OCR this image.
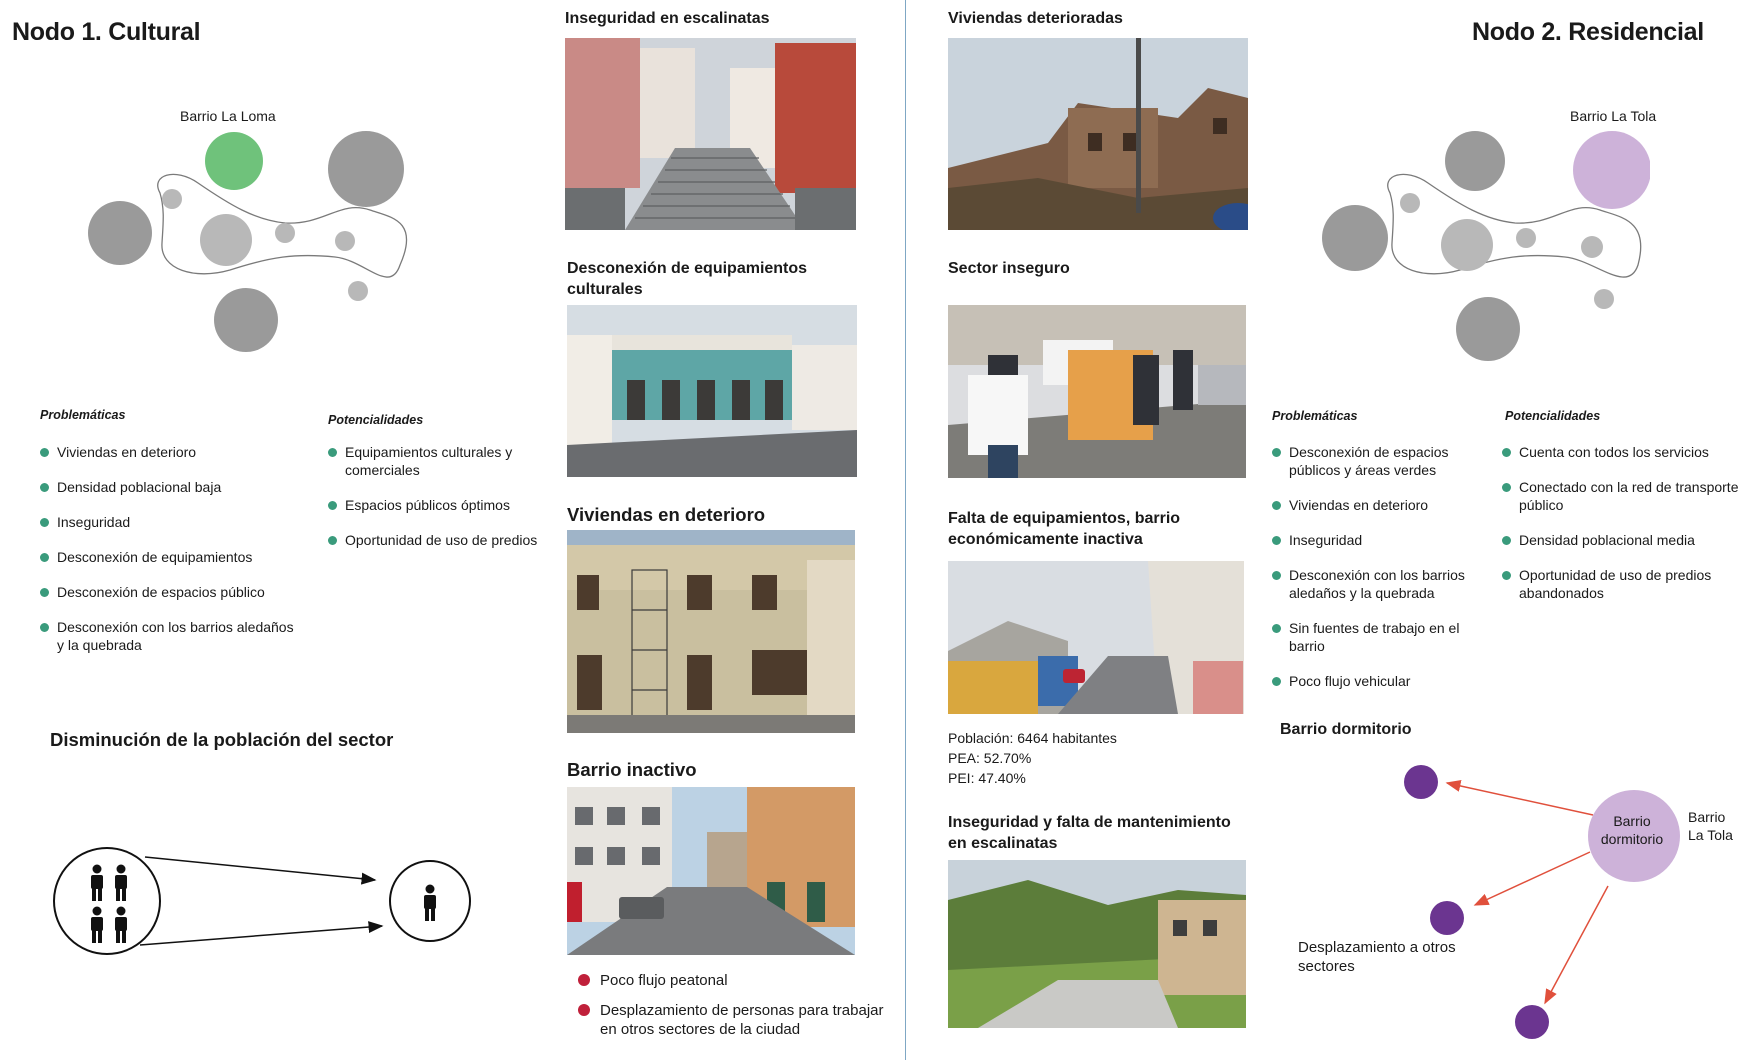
Nodo 1. Cultural
Barrio La Loma
Problemáticas
Viviendas en deterioro
Densidad poblacional baja
Inseguridad
Desconexión de equipamientos
Desconexión de espacios público
Desconexión con los barrios aledaños y la quebrada
Potencialidades
Equipamientos culturales y comerciales
Espacios públicos óptimos
Oportunidad de uso de predios
Disminución de la población del sector
Inseguridad en escalinatas
Desconexión de equipamientos culturales
Viviendas en deterioro
Barrio inactivo
Poco flujo peatonal
Desplazamiento de personas para trabajar en otros sectores de la ciudad
Viviendas deterioradas
Sector inseguro
Falta de equipamientos, barrio económicamente inactiva
Población: 6464 habitantes
PEA: 52.70%
PEI: 47.40%
Inseguridad y falta de mantenimiento en escalinatas
Nodo 2. Residencial
Barrio La Tola
Problemáticas
Desconexión de espacios públicos y áreas verdes
Viviendas en deterioro
Inseguridad
Desconexión con los barrios aledaños y la quebrada
Sin fuentes de trabajo en el barrio
Poco flujo vehicular
Potencialidades
Cuenta con todos los servicios
Conectado con la red de transporte público
Densidad poblacional media
Oportunidad de uso de predios abandonados
Barrio dormitorio
Barrio dormitorio
Barrio La Tola
Desplazamiento a otros sectores
